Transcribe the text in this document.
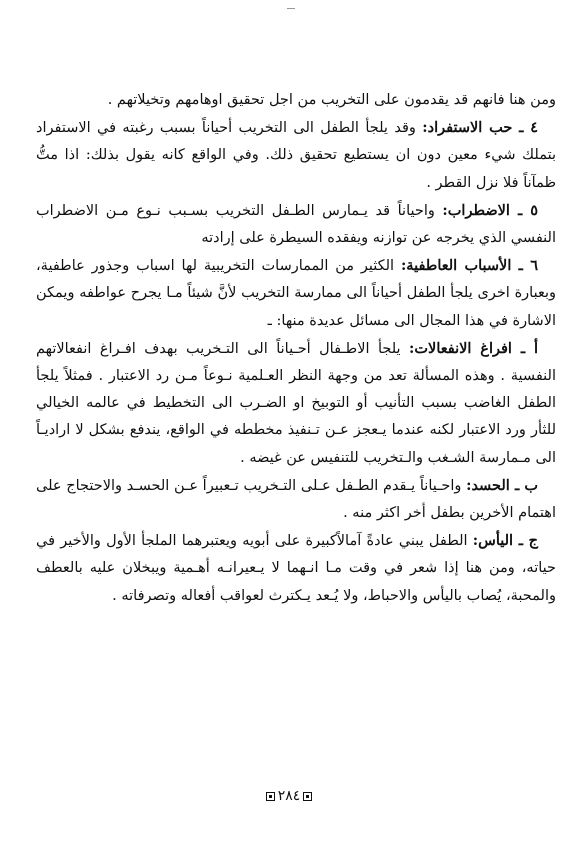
ومن هنا فانهم قد يقدمون على التخريب من اجل تحقيق اوهامهم وتخيلاتهم .

٤ ـ حب الاستفراد: وقد يلجأ الطفل الى التخريب أحياناً بسبب رغبته في الاستفراد بتملك شيء معين دون ان يستطيع تحقيق ذلك. وفي الواقع كانه يقول بذلك: اذا متُّ ظمآناً فلا نزل القطر .

٥ ـ الاضطراب: واحياناً قد يـمارس الطـفل التخريب بسـبب نـوع مـن الاضطراب النفسي الذي يخرجه عن توازنه ويفقده السيطرة على إرادته

٦ ـ الأسباب العاطفية: الكثير من الممارسات التخريبية لها اسباب وجذور عاطفية، وبعبارة اخرى يلجأ الطفل أحياناً الى ممارسة التخريب لأنَّ شيئاً مـا يجرح عواطفه ويمكن الاشارة في هذا المجال الى مسائل عديدة منها: ـ

أ ـ افراغ الانفعالات: يلجأ الاطـفال أحـياناً الى التـخريب بهدف افـراغ انفعالاتهم النفسية . وهذه المسألة تعد من وجهة النظر العـلمية نـوعاً مـن رد الاعتبار . فمثلاً يلجأ الطفل الغاضب بسبب التأنيب أو التوبيخ او الضـرب الى التخطيط في عالمه الخيالي للثأر ورد الاعتبار لكنه عندما يـعجز عـن تـنفيذ مخططه في الواقع، يندفع بشكل لا اراديـاً الى مـمارسة الشـغب والـتخريب للتنفيس عن غيضه .

ب ـ الحسد: واحـياناً يـقدم الطـفل عـلى التـخريب تـعبيراً عـن الحسـد والاحتجاج على اهتمام الأخرين بطفل أخر اكثر منه .

ج ـ اليأس: الطفل يبني عادةً آمالاًكبيرة على أبويه ويعتبرهما الملجأ الأول والأخير في حياته، ومن هنا إذا شعر في وقت مـا انـهما لا يـعيرانـه أهـمية ويبخلان عليه بالعطف والمحبة، يُصاب باليأس والاحباط، ولا يُـعد يـكترث لعواقب أفعاله وتصرفاته .

٢٨٤
